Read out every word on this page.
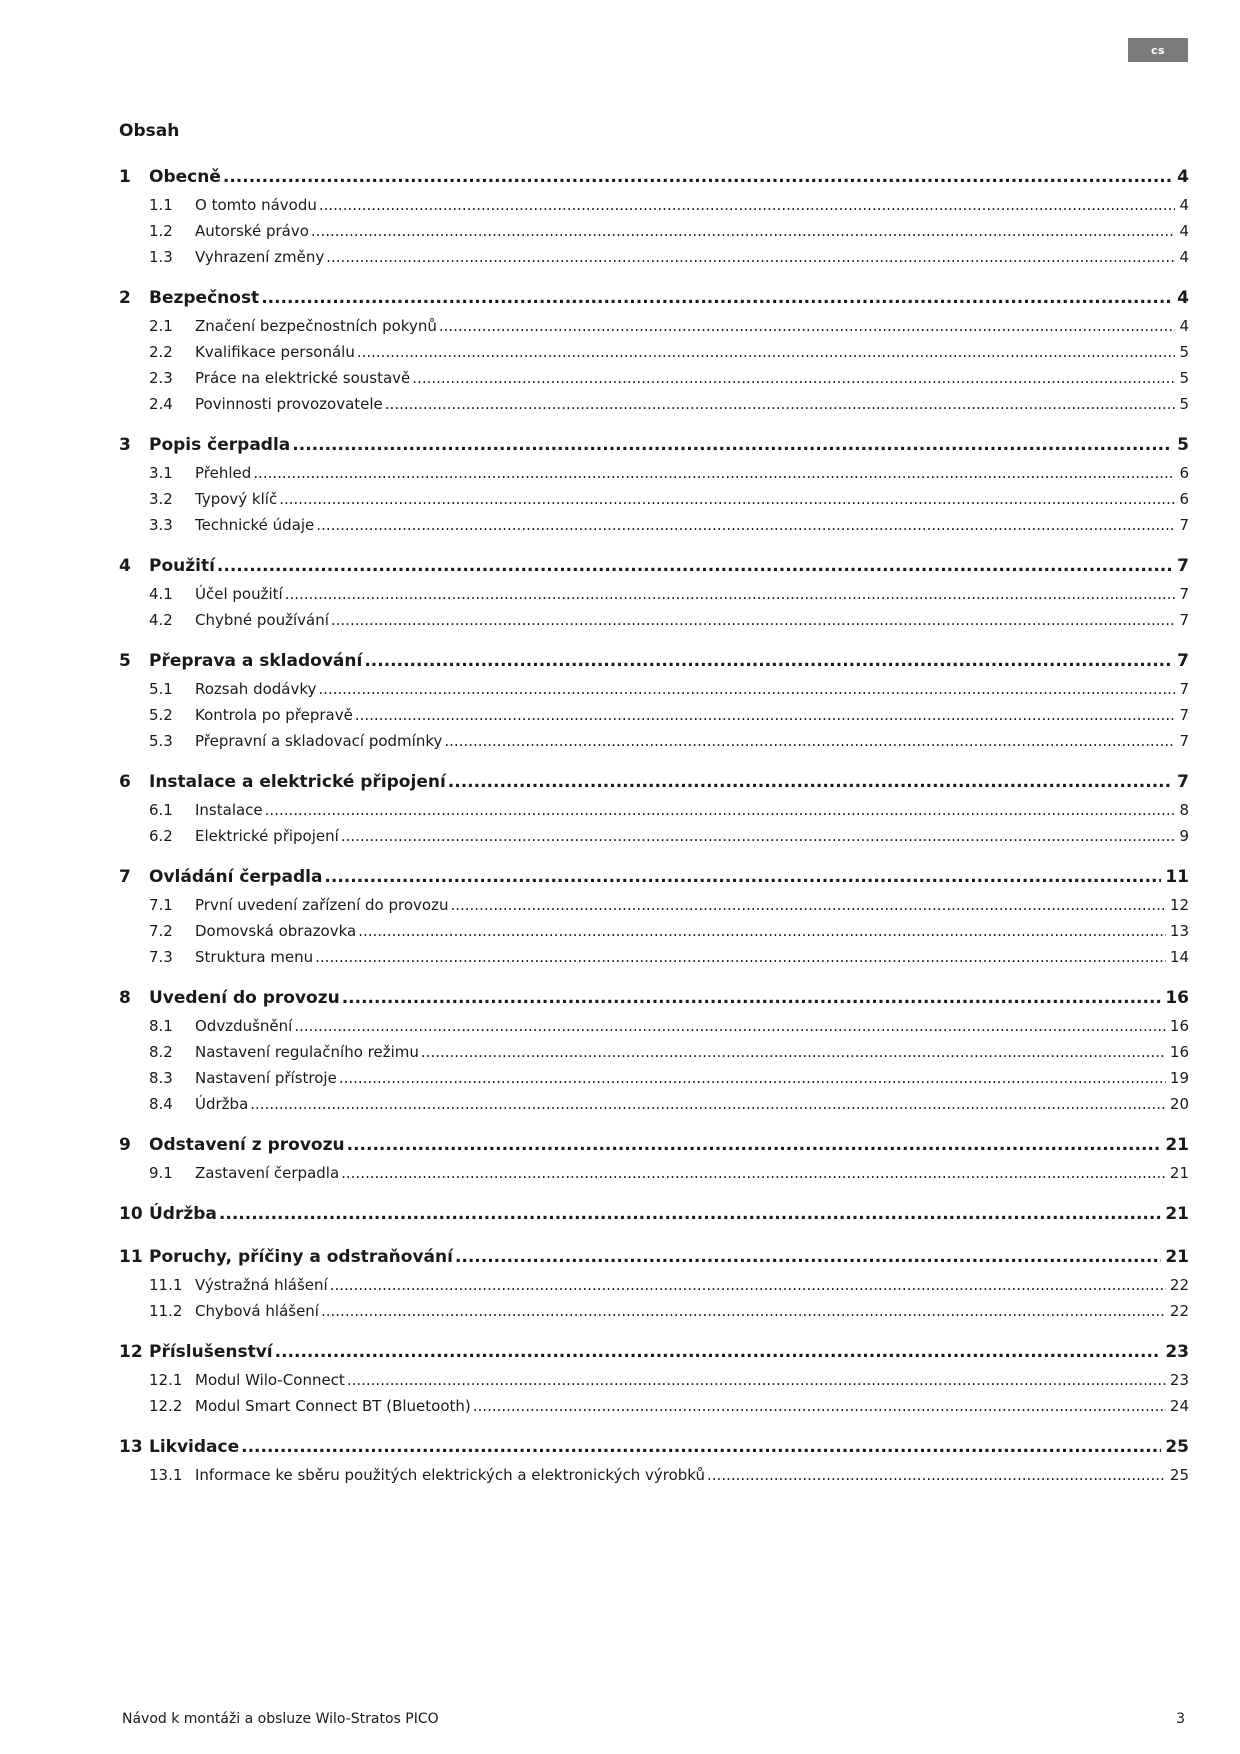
cs
Obsah
1	Obecně .....	4
1.1	O tomto návodu .....	4
1.2	Autorské právo .....	4
1.3	Vyhrazení změny .....	4
2	Bezpečnost .....	4
2.1	Značení bezpečnostních pokynů .....	4
2.2	Kvalifikace personálu .....	5
2.3	Práce na elektrické soustavě .....	5
2.4	Povinnosti provozovatele .....	5
3	Popis čerpadla .....	5
3.1	Přehled .....	6
3.2	Typový klíč .....	6
3.3	Technické údaje .....	7
4	Použití .....	7
4.1	Účel použití .....	7
4.2	Chybné používání .....	7
5	Přeprava a skladování .....	7
5.1	Rozsah dodávky .....	7
5.2	Kontrola po přepravě .....	7
5.3	Přepravní a skladovací podmínky .....	7
6	Instalace a elektrické připojení .....	7
6.1	Instalace .....	8
6.2	Elektrické připojení .....	9
7	Ovládání čerpadla .....	11
7.1	První uvedení zařízení do provozu .....	12
7.2	Domovská obrazovka .....	13
7.3	Struktura menu .....	14
8	Uvedení do provozu .....	16
8.1	Odvzdušnění .....	16
8.2	Nastavení regulačního režimu .....	16
8.3	Nastavení přístroje .....	19
8.4	Údržba .....	20
9	Odstavení z provozu .....	21
9.1	Zastavení čerpadla .....	21
10 Údržba .....	21
11 Poruchy, příčiny a odstraňování .....	21
11.1 Výstražná hlášení .....	22
11.2 Chybová hlášení .....	22
12 Příslušenství .....	23
12.1 Modul Wilo-Connect .....	23
12.2 Modul Smart Connect BT (Bluetooth) .....	24
13 Likvidace .....	25
13.1 Informace ke sběru použitých elektrických a elektronických výrobků .....	25
Návod k montáži a obsluze Wilo-Stratos PICO	3
